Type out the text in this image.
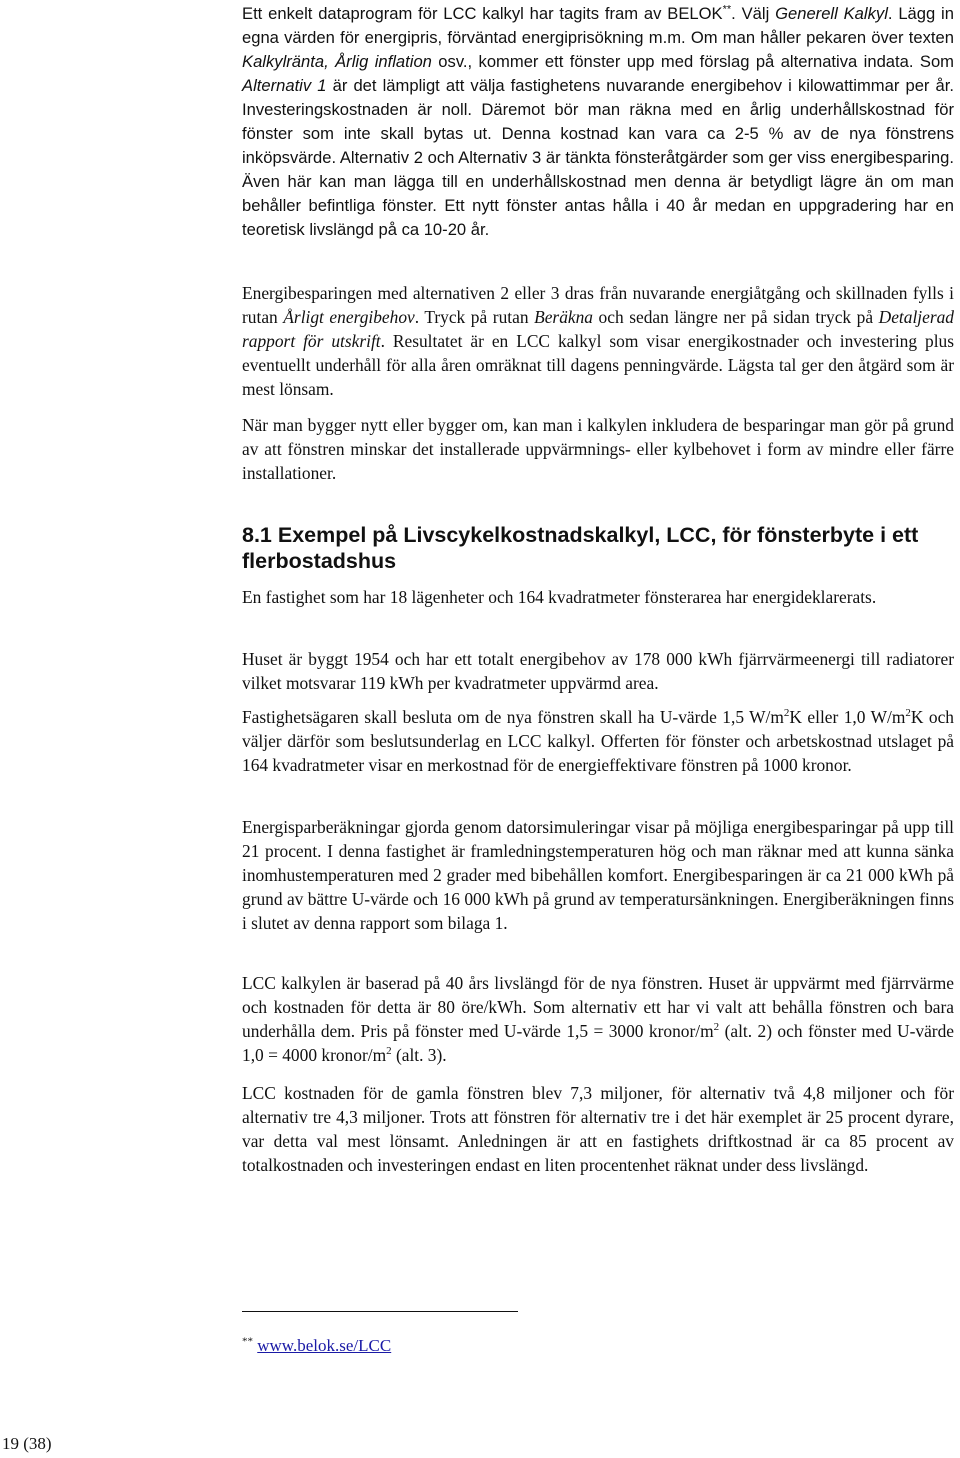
Ett enkelt dataprogram för LCC kalkyl har tagits fram av BELOK**. Välj Generell Kalkyl. Lägg in egna värden för energipris, förväntad energiprisökning m.m. Om man håller pekaren över texten Kalkylränta, Årlig inflation osv., kommer ett fönster upp med förslag på alternativa indata. Som Alternativ 1 är det lämpligt att välja fastighetens nuvarande energibehov i kilowattimmar per år. Investeringskostnaden är noll. Däremot bör man räkna med en årlig underhållskostnad för fönster som inte skall bytas ut. Denna kostnad kan vara ca 2-5 % av de nya fönstrens inköpsvärde. Alternativ 2 och Alternativ 3 är tänkta fönsteråtgärder som ger viss energibesparing. Även här kan man lägga till en underhållskostnad men denna är betydligt lägre än om man behåller befintliga fönster. Ett nytt fönster antas hålla i 40 år medan en uppgradering har en teoretisk livslängd på ca 10-20 år.

Energibesparingen med alternativen 2 eller 3 dras från nuvarande energiåtgång och skillnaden fylls i rutan Årligt energibehov. Tryck på rutan Beräkna och sedan längre ner på sidan tryck på Detaljerad rapport för utskrift. Resultatet är en LCC kalkyl som visar energikostnader och investering plus eventuellt underhåll för alla åren omräknat till dagens penningvärde. Lägsta tal ger den åtgärd som är mest lönsam.

När man bygger nytt eller bygger om, kan man i kalkylen inkludera de besparingar man gör på grund av att fönstren minskar det installerade uppvärmnings- eller kylbehovet i form av mindre eller färre installationer.

8.1 Exempel på Livscykelkostnadskalkyl, LCC, för fönsterbyte i ett flerbostadshus

En fastighet som har 18 lägenheter och 164 kvadratmeter fönsterarea har energideklarerats.

Huset är byggt 1954 och har ett totalt energibehov av 178 000 kWh fjärrvärmeenergi till radiatorer vilket motsvarar 119 kWh per kvadratmeter uppvärmd area.

Fastighetsägaren skall besluta om de nya fönstren skall ha U-värde 1,5 $W/m^2K$ eller 1,0 $W/m^2K$ och väljer därför som beslutsunderlag en LCC kalkyl. Offerten för fönster och arbetskostnad utslaget på 164 kvadratmeter visar en merkostnad för de energieffektivare fönstren på 1000 kronor.

Energisparberäkningar gjorda genom datorsimuleringar visar på möjliga energibesparingar på upp till 21 procent. I denna fastighet är framledningstemperaturen hög och man räknar med att kunna sänka inomhustemperaturen med 2 grader med bibehållen komfort. Energibesparingen är ca 21 000 kWh på grund av bättre U-värde och 16 000 kWh på grund av temperatursänkningen. Energiberäkningen finns i slutet av denna rapport som bilaga 1.

LCC kalkylen är baserad på 40 års livslängd för de nya fönstren. Huset är uppvärmt med fjärrvärme och kostnaden för detta är 80 öre/kWh. Som alternativ ett har vi valt att behålla fönstren och bara underhålla dem. Pris på fönster med U-värde 1,5 = 3000 kronor/$m^2$ (alt. 2) och fönster med U-värde 1,0 = 4000 kronor/$m^2$ (alt. 3).

LCC kostnaden för de gamla fönstren blev 7,3 miljoner, för alternativ två 4,8 miljoner och för alternativ tre 4,3 miljoner. Trots att fönstren för alternativ tre i det här exemplet är 25 procent dyrare, var detta val mest lönsamt. Anledningen är att en fastighets driftkostnad är ca 85 procent av totalkostnaden och investeringen endast en liten procentenhet räknat under dess livslängd.

** www.belok.se/LCC
19 (38)
